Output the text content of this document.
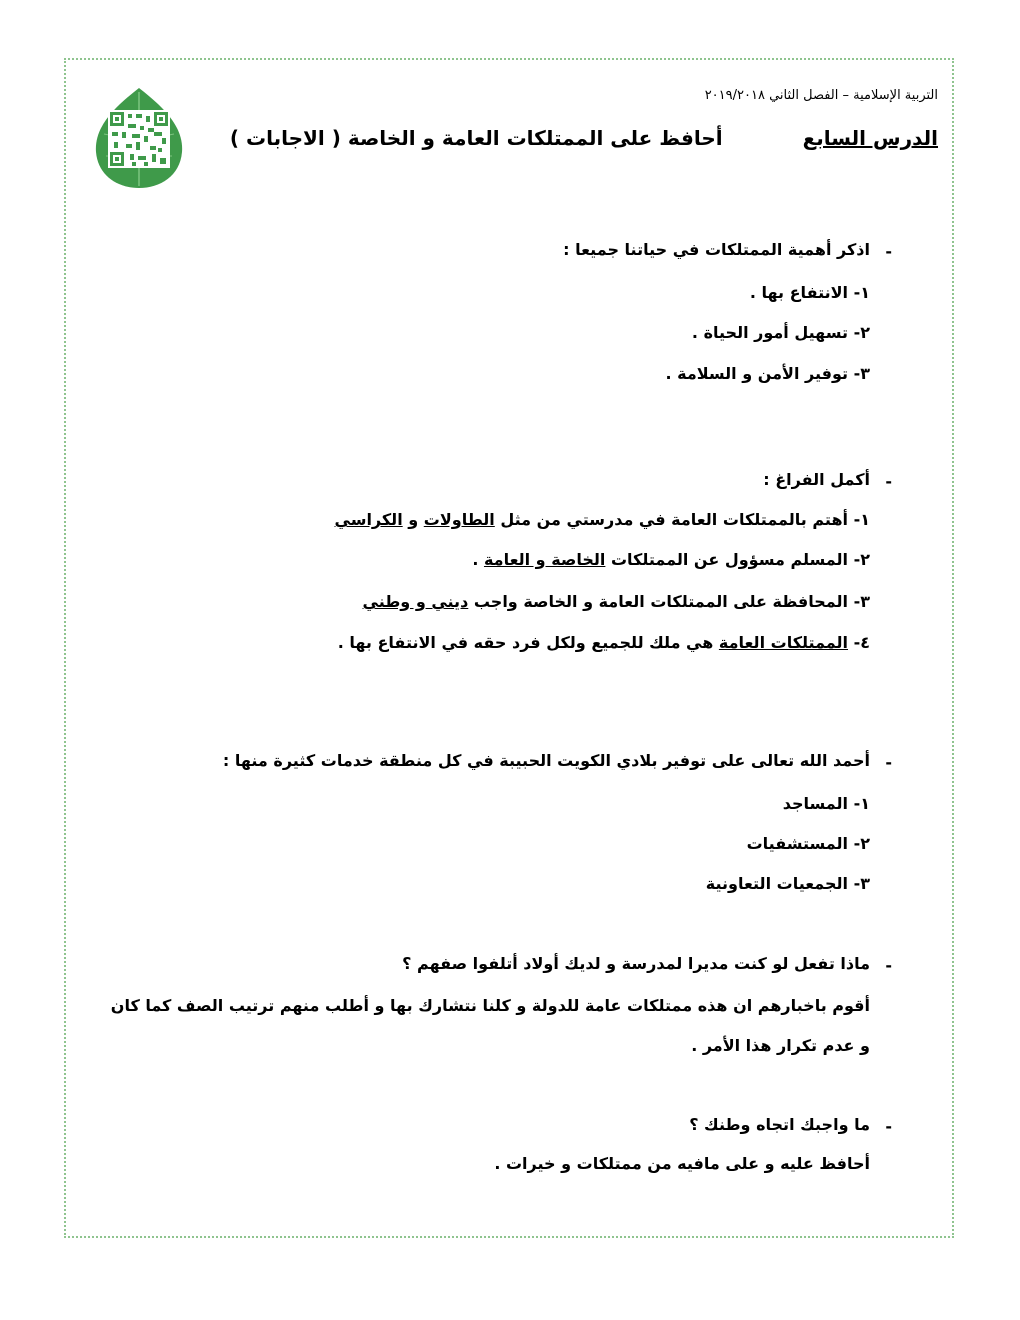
التربية الإسلامية – الفصل الثاني ٢٠١٩/٢٠١٨
الدرس السابع
أحافظ على الممتلكات العامة و الخاصة ( الاجابات )
-
اذكر أهمية الممتلكات في حياتنا جميعا :
١- الانتفاع بها .
٢- تسهيل أمور الحياة .
٣- توفير الأمن و السلامة .
-
أكمل الفراغ :
١- أهتم بالممتلكات العامة في مدرستي من مثل الطاولات و الكراسي
٢- المسلم مسؤول عن الممتلكات الخاصة و العامة .
٣- المحافظة على الممتلكات العامة و الخاصة واجب ديني و وطني
٤- الممتلكات العامة هي ملك للجميع ولكل فرد حقه في الانتفاع بها .
-
أحمد الله تعالى على توفير بلادي الكويت الحبيبة في كل منطقة خدمات كثيرة منها :
١- المساجد
٢- المستشفيات
٣- الجمعيات التعاونية
-
ماذا تفعل لو كنت مديرا لمدرسة و لديك أولاد أتلفوا صفهم ؟
أقوم باخبارهم ان هذه ممتلكات عامة للدولة و كلنا نتشارك بها و أطلب منهم ترتيب الصف كما كان و عدم تكرار هذا الأمر .
-
ما واجبك اتجاه وطنك ؟
أحافظ عليه و على مافيه من ممتلكات و خيرات .
